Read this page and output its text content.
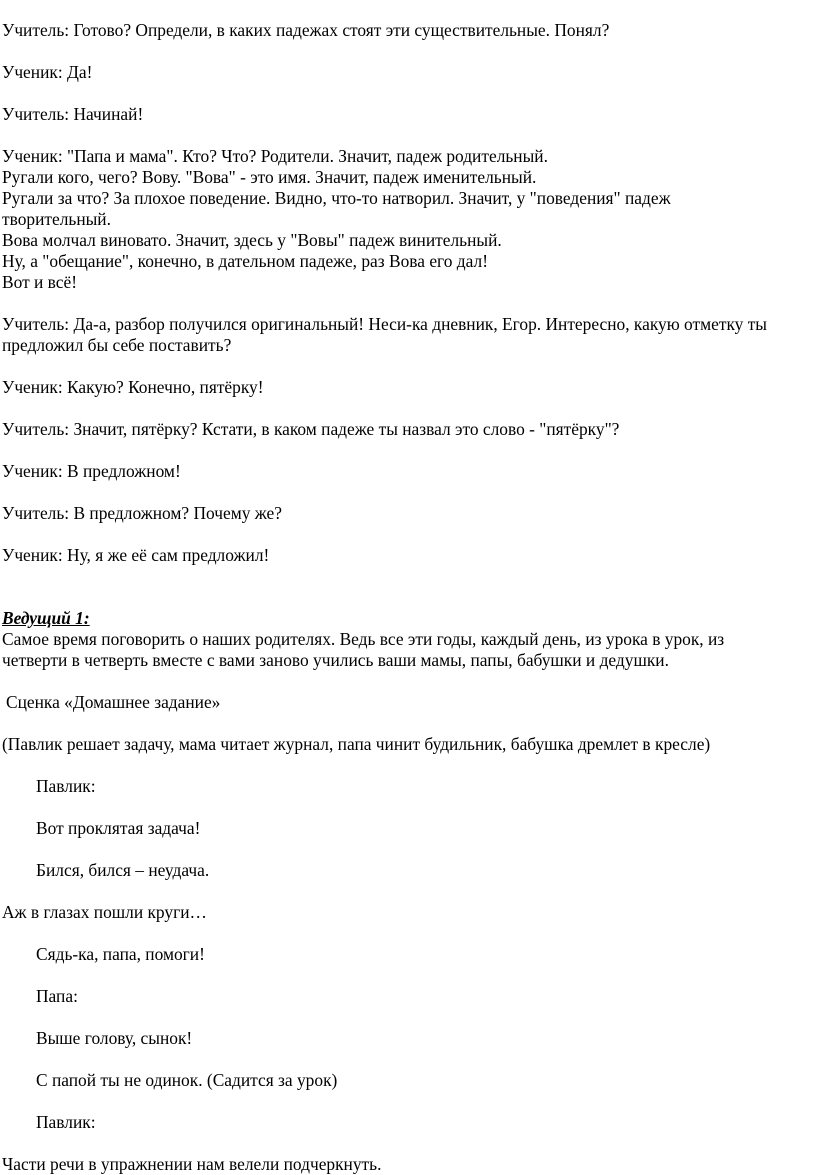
Учитель: Готово? Определи, в каких падежах стоят эти существительные. Понял?

Ученик: Да!

Учитель: Начинай!

Ученик: "Папа и мама". Кто? Что? Родители. Значит, падеж родительный.
Ругали кого, чего? Вову. "Вова" - это имя. Значит, падеж именительный.
Ругали за что? За плохое поведение. Видно, что-то натворил. Значит, у "поведения" падеж
творительный.
Вова молчал виновато. Значит, здесь у "Вовы" падеж винительный.
Ну, а "обещание", конечно, в дательном падеже, раз Вова его дал!
Вот и всё!
Учитель: Да-а, разбор получился оригинальный! Неси-ка дневник, Егор. Интересно, какую отметку ты
предложил бы себе поставить?

Ученик: Какую? Конечно, пятёрку!

Учитель: Значит, пятёрку? Кстати, в каком падеже ты назвал это слово - "пятёрку"?

Ученик: В предложном!

Учитель: В предложном? Почему же?

Ученик: Ну, я же её сам предложил!

Ведущий 1:
Самое время поговорить о наших родителях. Ведь все эти годы, каждый день, из урока в урок, из
четверти в четверть вместе с вами заново учились ваши мамы, папы, бабушки и дедушки.

Сценка «Домашнее задание»

(Павлик решает задачу, мама читает журнал, папа чинит будильник, бабушка дремлет в кресле)

Павлик:

Вот проклятая задача!

Бился, бился – неудача.

Аж в глазах пошли круги…

Сядь-ка, папа, помоги!

Папа:

Выше голову, сынок!

С папой ты не одинок. (Садится за урок)

Павлик:

Части речи в упражнении нам велели подчеркнуть.
